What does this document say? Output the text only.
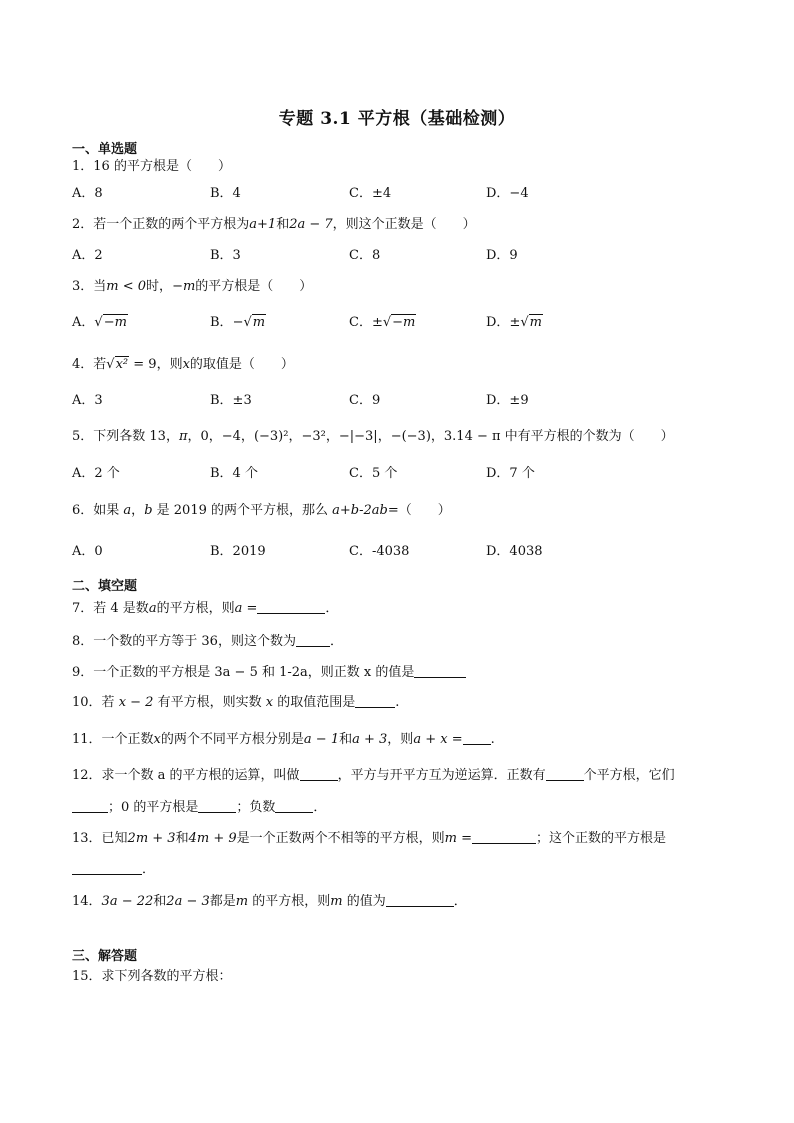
专题 3.1 平方根（基础检测）
一、单选题
1．16 的平方根是（　　）
A．8	B．4	C．±4	D．−4
2．若一个正数的两个平方根为a+1和2a − 7，则这个正数是（　　）
A．2	B．3	C．8	D．9
3．当m < 0时，−m的平方根是（　　）
A．√−m	B．−√m	C．±√−m	D．±√m
4．若√x² = 9，则x的取值是（　　）
A．3	B．±3	C．9	D．±9
5．下列各数 13，π，0，−4，(−3)²，−3²，−|−3|，−(−3)，3.14 − π 中有平方根的个数为（　　）
A．2 个	B．4 个	C．5 个	D．7 个
6．如果 a，b 是 2019 的两个平方根，那么 a+b-2ab=（　　）
A．0	B．2019	C．-4038	D．4038
二、填空题
7．若 4 是数a的平方根，则a =	．
8．一个数的平方等于 36，则这个数为	．
9．一个正数的平方根是 3a − 5 和 1-2a，则正数 x 的值是
10．若 x − 2 有平方根，则实数 x 的取值范围是	.
11．一个正数x的两个不同平方根分别是a − 1和a + 3，则a + x = .
12．求一个数 a 的平方根的运算，叫做	，平方与开平方互为逆运算．正数有	个平方根，它们
；0 的平方根是	；负数	．
13．已知2m + 3和4m + 9是一个正数两个不相等的平方根，则m =	；这个正数的平方根是
．
14．3a − 22和2a − 3都是m 的平方根，则m 的值为	．
三、解答题
15．求下列各数的平方根：
